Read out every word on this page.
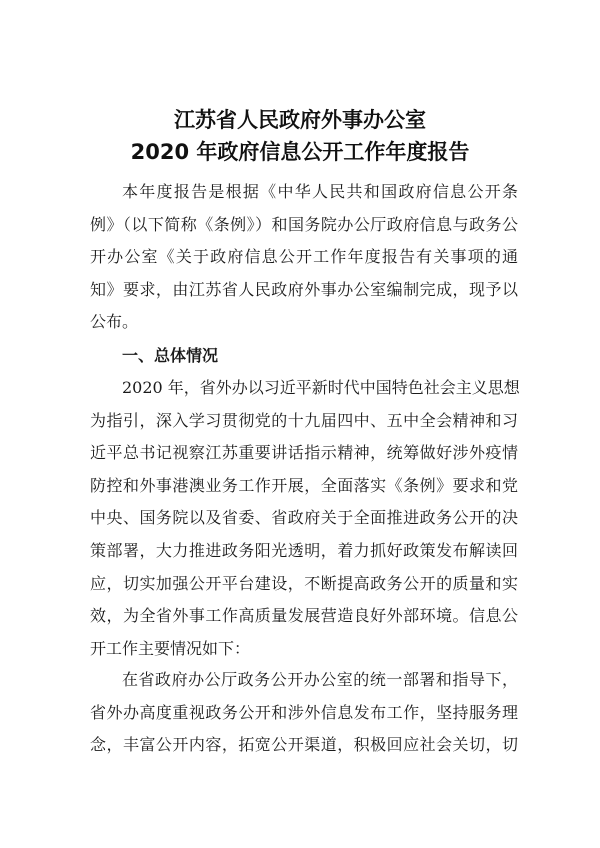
江苏省人民政府外事办公室
2020 年政府信息公开工作年度报告
本年度报告是根据《中华人民共和国政府信息公开条
例》（以下简称《条例》）和国务院办公厅政府信息与政务公
开办公室《关于政府信息公开工作年度报告有关事项的通
知》要求，由江苏省人民政府外事办公室编制完成，现予以
公布。
一、总体情况
2020 年，省外办以习近平新时代中国特色社会主义思想
为指引，深入学习贯彻党的十九届四中、五中全会精神和习
近平总书记视察江苏重要讲话指示精神，统筹做好涉外疫情
防控和外事港澳业务工作开展，全面落实《条例》要求和党
中央、国务院以及省委、省政府关于全面推进政务公开的决
策部署，大力推进政务阳光透明，着力抓好政策发布解读回
应，切实加强公开平台建设，不断提高政务公开的质量和实
效，为全省外事工作高质量发展营造良好外部环境。信息公
开工作主要情况如下：
在省政府办公厅政务公开办公室的统一部署和指导下，
省外办高度重视政务公开和涉外信息发布工作，坚持服务理
念，丰富公开内容，拓宽公开渠道，积极回应社会关切，切
